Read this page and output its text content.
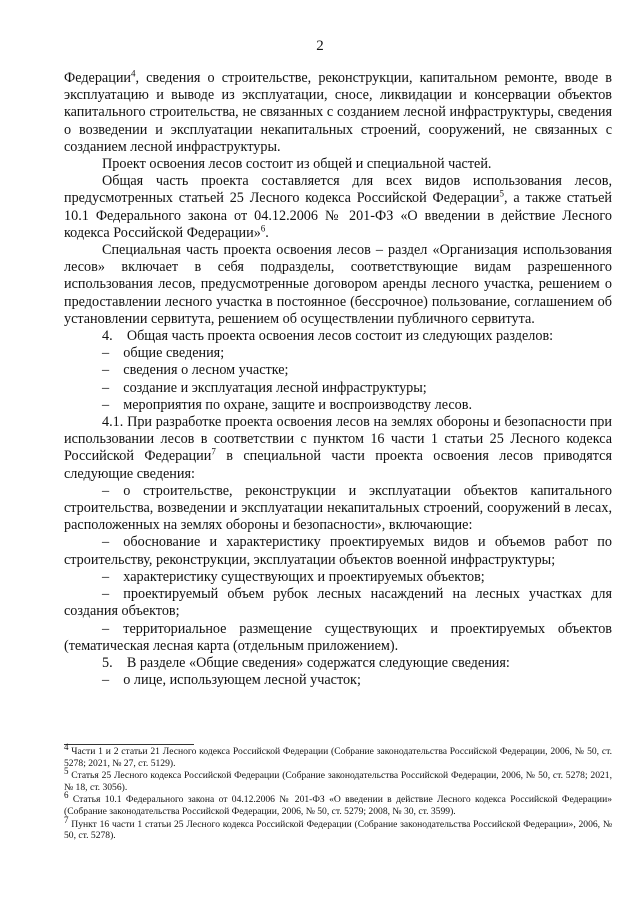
2

Федерации$^4$, сведения о строительстве, реконструкции, капитальном ремонте, вводе в эксплуатацию и выводе из эксплуатации, сносе, ликвидации и консервации объектов капитального строительства, не связанных с созданием лесной инфраструктуры, сведения о возведении и эксплуатации некапитальных строений, сооружений, не связанных с созданием лесной инфраструктуры.

Проект освоения лесов состоит из общей и специальной частей.

Общая часть проекта составляется для всех видов использования лесов, предусмотренных статьей 25 Лесного кодекса Российской Федерации$^5$, а также статьей 10.1 Федерального закона от 04.12.2006 № 201-ФЗ «О введении в действие Лесного кодекса Российской Федерации»$^6$.

Специальная часть проекта освоения лесов – раздел «Организация использования лесов» включает в себя подразделы, соответствующие видам разрешенного использования лесов, предусмотренные договором аренды лесного участка, решением о предоставлении лесного участка в постоянное (бессрочное) пользование, соглашением об установлении сервитута, решением об осуществлении публичного сервитута.

4. Общая часть проекта освоения лесов состоит из следующих разделов:

– общие сведения;

– сведения о лесном участке;

– создание и эксплуатация лесной инфраструктуры;

– мероприятия по охране, защите и воспроизводству лесов.

4.1. При разработке проекта освоения лесов на землях обороны и безопасности при использовании лесов в соответствии с пунктом 16 части 1 статьи 25 Лесного кодекса Российской Федерации$^7$ в специальной части проекта освоения лесов приводятся следующие сведения:

– о строительстве, реконструкции и эксплуатации объектов капитального строительства, возведении и эксплуатации некапитальных строений, сооружений в лесах, расположенных на землях обороны и безопасности», включающие:

– обоснование и характеристику проектируемых видов и объемов работ по строительству, реконструкции, эксплуатации объектов военной инфраструктуры;

– характеристику существующих и проектируемых объектов;

– проектируемый объем рубок лесных насаждений на лесных участках для создания объектов;

– территориальное размещение существующих и проектируемых объектов (тематическая лесная карта (отдельным приложением).

5. В разделе «Общие сведения» содержатся следующие сведения:

– о лице, использующем лесной участок;

$^4$ Части 1 и 2 статьи 21 Лесного кодекса Российской Федерации (Собрание законодательства Российской Федерации, 2006, № 50, ст. 5278; 2021, № 27, ст. 5129).

$^5$ Статья 25 Лесного кодекса Российской Федерации (Собрание законодательства Российской Федерации, 2006, № 50, ст. 5278; 2021, № 18, ст. 3056).

$^6$ Статья 10.1 Федерального закона от 04.12.2006 № 201-ФЗ «О введении в действие Лесного кодекса Российской Федерации» (Собрание законодательства Российской Федерации, 2006, № 50, ст. 5279; 2008, № 30, ст. 3599).

$^7$ Пункт 16 части 1 статьи 25 Лесного кодекса Российской Федерации (Собрание законодательства Российской Федерации», 2006, № 50, ст. 5278).
